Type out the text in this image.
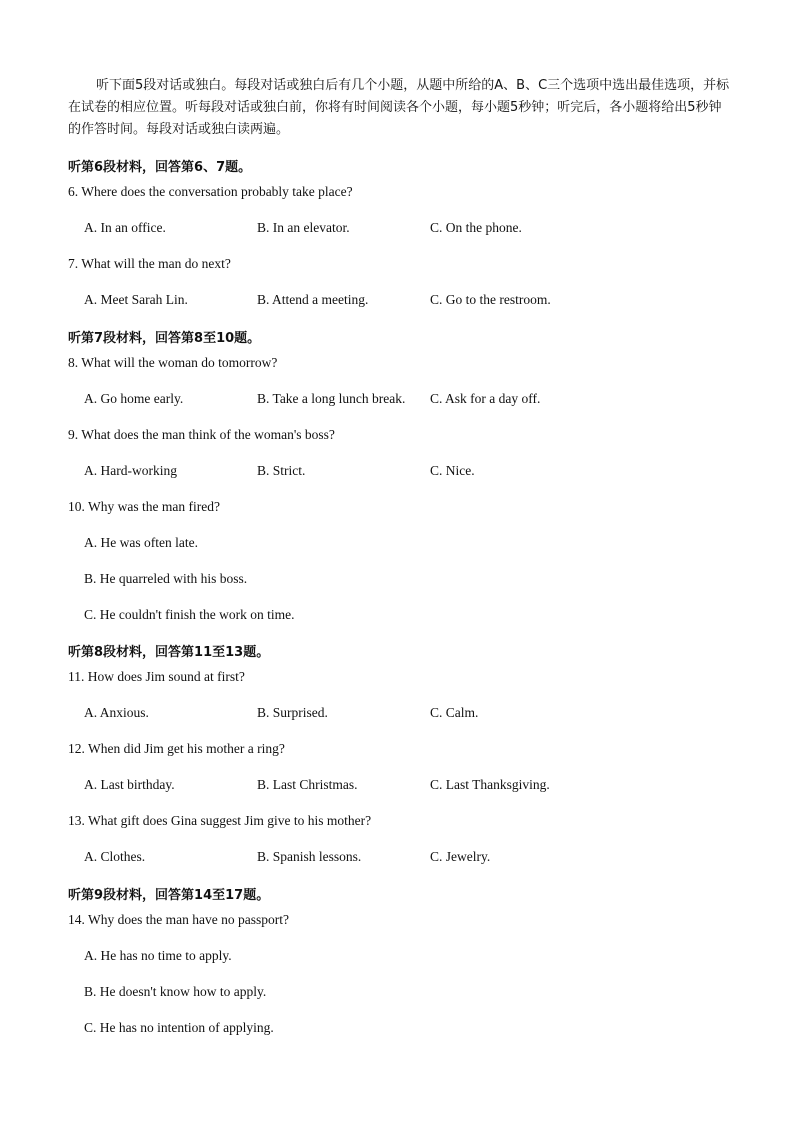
听下面5段对话或独白。每段对话或独白后有几个小题，从题中所给的A、B、C三个选项中选出最佳选项，并标在试卷的相应位置。听每段对话或独白前，你将有时间阅读各个小题，每小题5秒钟；听完后，各小题将给出5秒钟的作答时间。每段对话或独白读两遍。
听第6段材料，回答第6、7题。
6. Where does the conversation probably take place?
A. In an office.	B. In an elevator.	C. On the phone.
7. What will the man do next?
A. Meet Sarah Lin.	B. Attend a meeting.	C. Go to the restroom.
听第7段材料，回答第8至10题。
8. What will the woman do tomorrow?
A. Go home early.	B. Take a long lunch break. C. Ask for a day off.
9. What does the man think of the woman's boss?
A. Hard-working	B. Strict.	C. Nice.
10. Why was the man fired?
A. He was often late.
B. He quarreled with his boss.
C. He couldn't finish the work on time.
听第8段材料，回答第11至13题。
11. How does Jim sound at first?
A. Anxious.	B. Surprised.	C. Calm.
12. When did Jim get his mother a ring?
A. Last birthday.	B. Last Christmas.	C. Last Thanksgiving.
13. What gift does Gina suggest Jim give to his mother?
A. Clothes.	B. Spanish lessons.	C. Jewelry.
听第9段材料，回答第14至17题。
14. Why does the man have no passport?
A. He has no time to apply.
B. He doesn't know how to apply.
C. He has no intention of applying.
